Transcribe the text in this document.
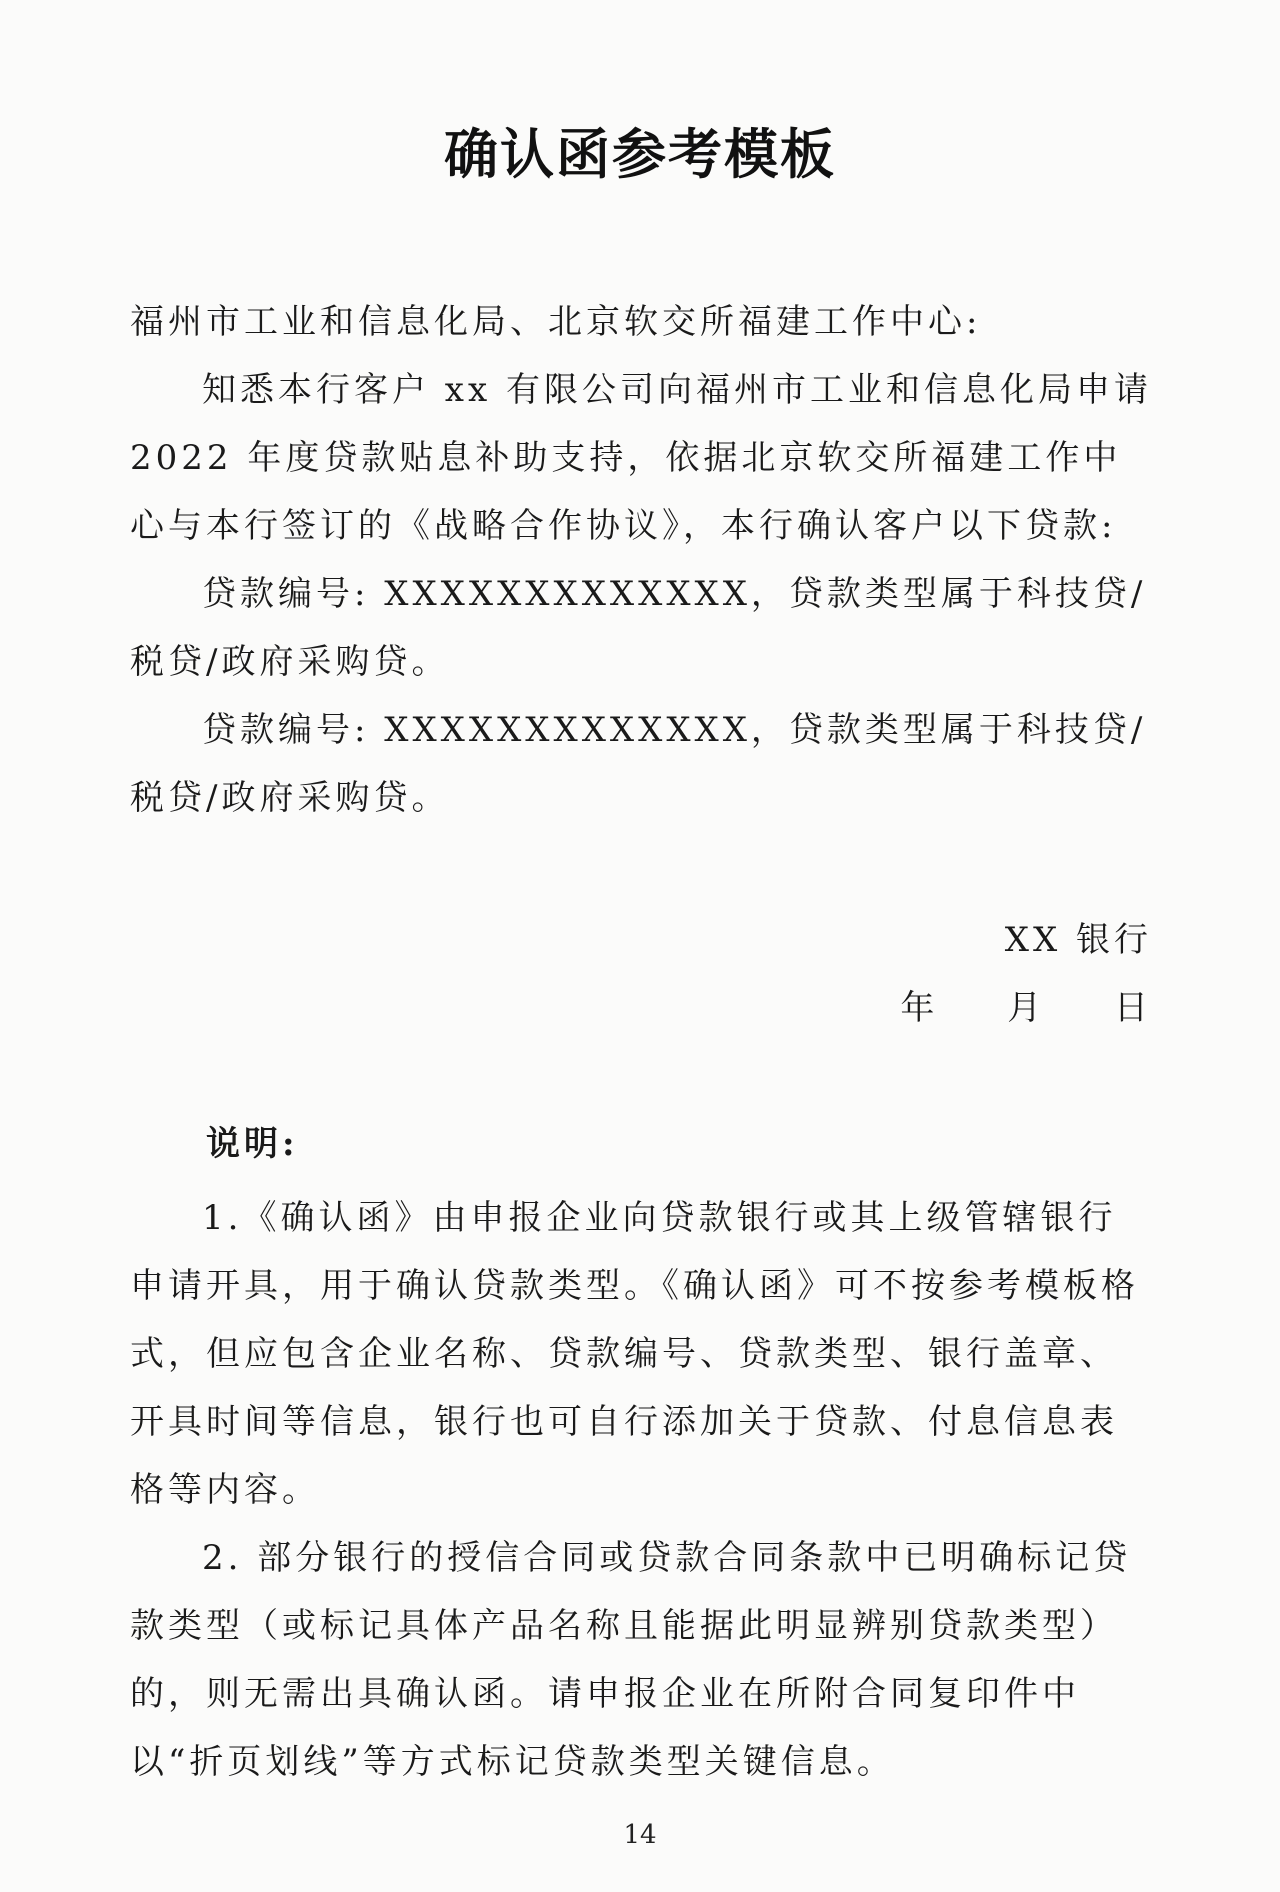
确认函参考模板

福州市工业和信息化局、北京软交所福建工作中心:

知悉本行客户 xx 有限公司向福州市工业和信息化局申请 2022 年度贷款贴息补助支持，依据北京软交所福建工作中心与本行签订的《战略合作协议》，本行确认客户以下贷款:

贷款编号: XXXXXXXXXXXXX，贷款类型属于科技贷/税贷/政府采购贷。

贷款编号: XXXXXXXXXXXXX，贷款类型属于科技贷/税贷/政府采购贷。

XX 银行
年 月 日
说明:

1.《确认函》由申报企业向贷款银行或其上级管辖银行申请开具，用于确认贷款类型。《确认函》可不按参考模板格式，但应包含企业名称、贷款编号、贷款类型、银行盖章、开具时间等信息，银行也可自行添加关于贷款、付息信息表格等内容。

2. 部分银行的授信合同或贷款合同条款中已明确标记贷款类型（或标记具体产品名称且能据此明显辨别贷款类型）的，则无需出具确认函。请申报企业在所附合同复印件中以“折页划线”等方式标记贷款类型关键信息。

14
